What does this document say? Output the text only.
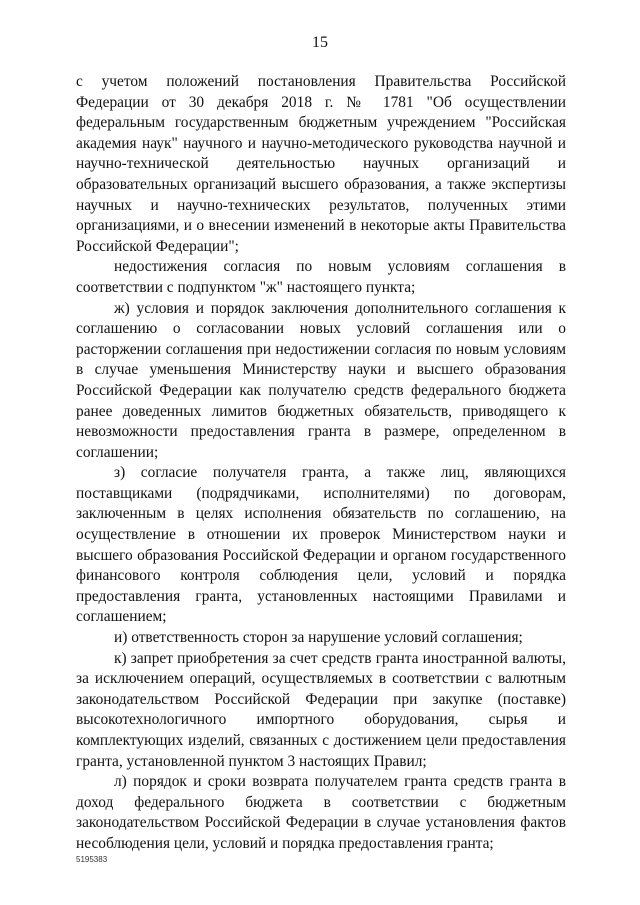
15

с учетом положений постановления Правительства Российской Федерации от 30 декабря 2018 г. № 1781 "Об осуществлении федеральным государственным бюджетным учреждением "Российская академия наук" научного и научно-методического руководства научной и научно-технической деятельностью научных организаций и образовательных организаций высшего образования, а также экспертизы научных и научно-технических результатов, полученных этими организациями, и о внесении изменений в некоторые акты Правительства Российской Федерации";

недостижения согласия по новым условиям соглашения в соответствии с подпунктом "ж" настоящего пункта;

ж) условия и порядок заключения дополнительного соглашения к соглашению о согласовании новых условий соглашения или о расторжении соглашения при недостижении согласия по новым условиям в случае уменьшения Министерству науки и высшего образования Российской Федерации как получателю средств федерального бюджета ранее доведенных лимитов бюджетных обязательств, приводящего к невозможности предоставления гранта в размере, определенном в соглашении;

з) согласие получателя гранта, а также лиц, являющихся поставщиками (подрядчиками, исполнителями) по договорам, заключенным в целях исполнения обязательств по соглашению, на осуществление в отношении их проверок Министерством науки и высшего образования Российской Федерации и органом государственного финансового контроля соблюдения цели, условий и порядка предоставления гранта, установленных настоящими Правилами и соглашением;

и) ответственность сторон за нарушение условий соглашения;

к) запрет приобретения за счет средств гранта иностранной валюты, за исключением операций, осуществляемых в соответствии с валютным законодательством Российской Федерации при закупке (поставке) высокотехнологичного импортного оборудования, сырья и комплектующих изделий, связанных с достижением цели предоставления гранта, установленной пунктом 3 настоящих Правил;

л) порядок и сроки возврата получателем гранта средств гранта в доход федерального бюджета в соответствии с бюджетным законодательством Российской Федерации в случае установления фактов несоблюдения цели, условий и порядка предоставления гранта;

5195383
